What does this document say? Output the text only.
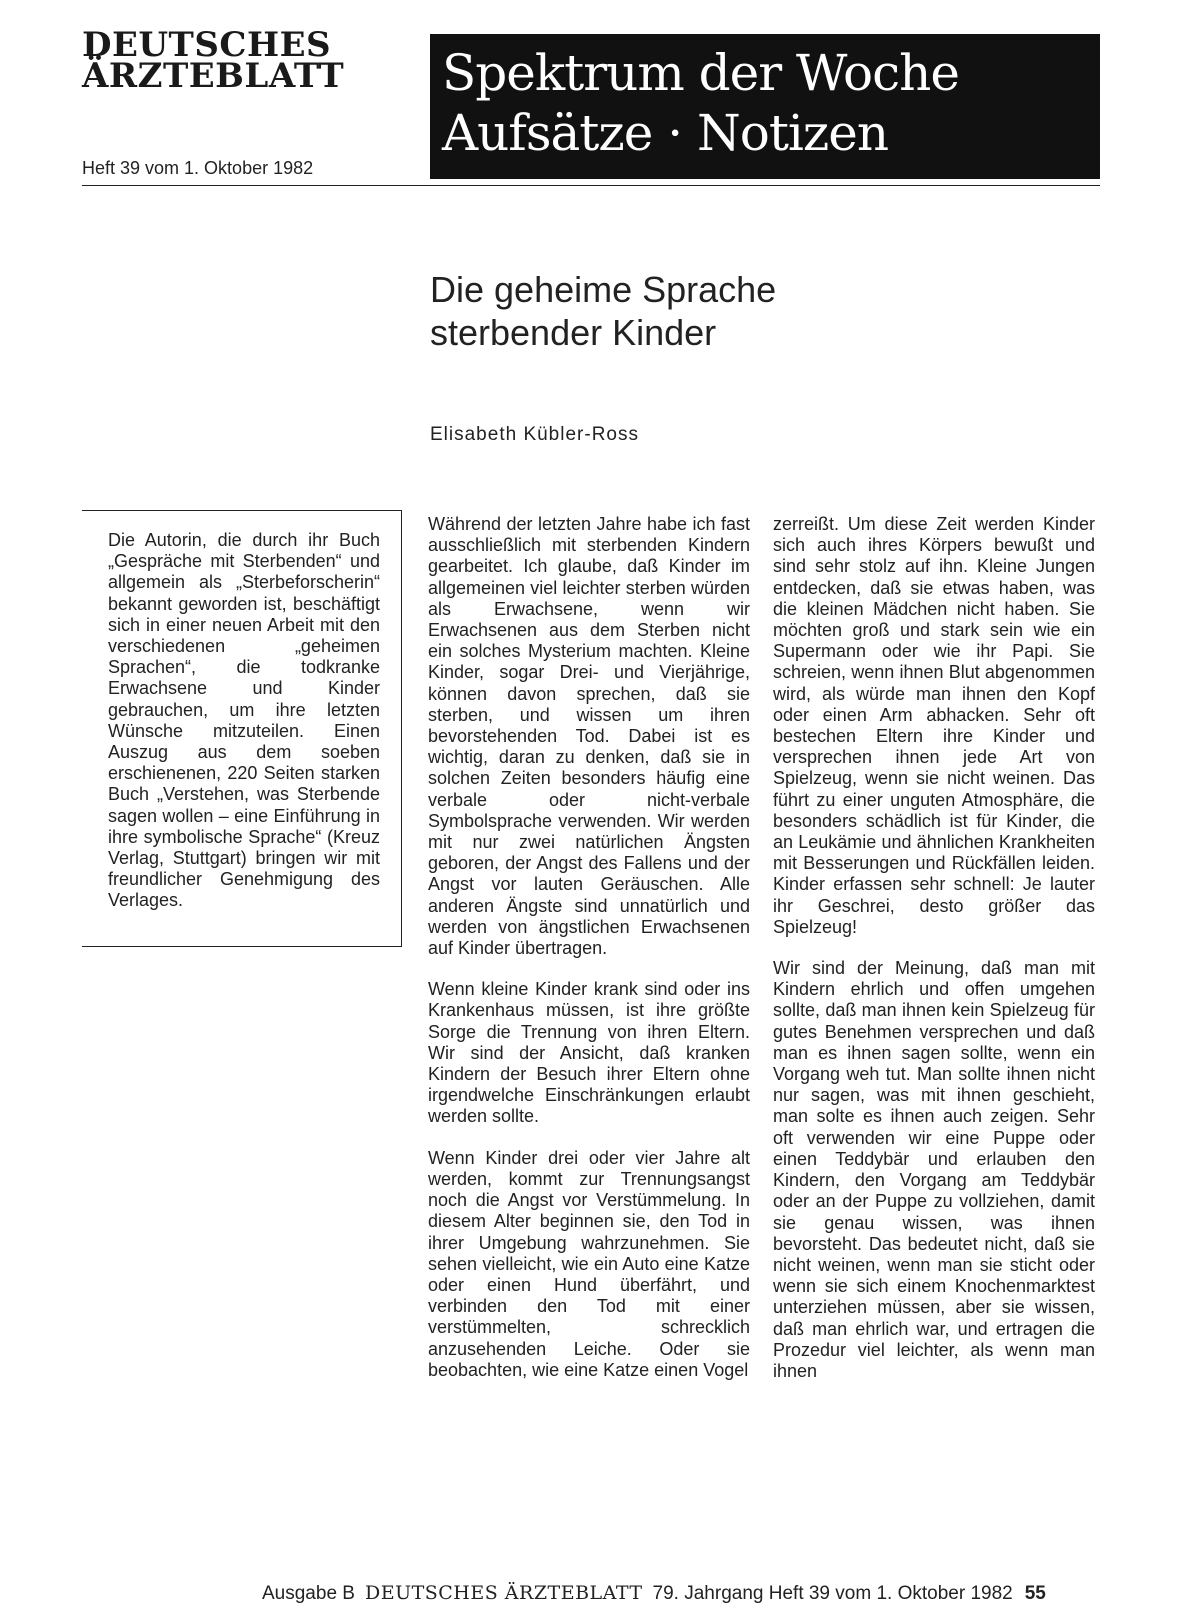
DEUTSCHES
ÄRZTEBLATT
Heft 39 vom 1. Oktober 1982
Spektrum der Woche
Aufsätze · Notizen
Die geheime Sprache
sterbender Kinder
Elisabeth Kübler-Ross
Die Autorin, die durch ihr Buch „Gespräche mit Sterbenden“ und allgemein als „Sterbeforscherin“ bekannt geworden ist, beschäftigt sich in einer neuen Arbeit mit den verschiedenen „geheimen Sprachen“, die todkranke Erwachsene und Kinder gebrauchen, um ihre letzten Wünsche mitzuteilen. Einen Auszug aus dem soeben erschienenen, 220 Seiten starken Buch „Verstehen, was Sterbende sagen wollen – eine Einführung in ihre symbolische Sprache“ (Kreuz Verlag, Stuttgart) bringen wir mit freundlicher Genehmigung des Verlages.

Während der letzten Jahre habe ich fast ausschließlich mit sterbenden Kindern gearbeitet. Ich glaube, daß Kinder im allgemeinen viel leichter sterben würden als Erwachsene, wenn wir Erwachsenen aus dem Sterben nicht ein solches Mysterium machten. Kleine Kinder, sogar Drei- und Vierjährige, können davon sprechen, daß sie sterben, und wissen um ihren bevorstehenden Tod. Dabei ist es wichtig, daran zu denken, daß sie in solchen Zeiten besonders häufig eine verbale oder nicht-verbale Symbolsprache verwenden. Wir werden mit nur zwei natürlichen Ängsten geboren, der Angst des Fallens und der Angst vor lauten Geräuschen. Alle anderen Ängste sind unnatürlich und werden von ängstlichen Erwachsenen auf Kinder übertragen.

Wenn kleine Kinder krank sind oder ins Krankenhaus müssen, ist ihre größte Sorge die Trennung von ihren Eltern. Wir sind der Ansicht, daß kranken Kindern der Besuch ihrer Eltern ohne irgendwelche Einschränkungen erlaubt werden sollte.

Wenn Kinder drei oder vier Jahre alt werden, kommt zur Trennungsangst noch die Angst vor Verstümmelung. In diesem Alter beginnen sie, den Tod in ihrer Umgebung wahrzunehmen. Sie sehen vielleicht, wie ein Auto eine Katze oder einen Hund überfährt, und verbinden den Tod mit einer verstümmelten, schrecklich anzusehenden Leiche. Oder sie beobachten, wie eine Katze einen Vogel

zerreißt. Um diese Zeit werden Kinder sich auch ihres Körpers bewußt und sind sehr stolz auf ihn. Kleine Jungen entdecken, daß sie etwas haben, was die kleinen Mädchen nicht haben. Sie möchten groß und stark sein wie ein Supermann oder wie ihr Papi. Sie schreien, wenn ihnen Blut abgenommen wird, als würde man ihnen den Kopf oder einen Arm abhacken. Sehr oft bestechen Eltern ihre Kinder und versprechen ihnen jede Art von Spielzeug, wenn sie nicht weinen. Das führt zu einer unguten Atmosphäre, die besonders schädlich ist für Kinder, die an Leukämie und ähnlichen Krankheiten mit Besserungen und Rückfällen leiden. Kinder erfassen sehr schnell: Je lauter ihr Geschrei, desto größer das Spielzeug!

Wir sind der Meinung, daß man mit Kindern ehrlich und offen umgehen sollte, daß man ihnen kein Spielzeug für gutes Benehmen versprechen und daß man es ihnen sagen sollte, wenn ein Vorgang weh tut. Man sollte ihnen nicht nur sagen, was mit ihnen geschieht, man solte es ihnen auch zeigen. Sehr oft verwenden wir eine Puppe oder einen Teddybär und erlauben den Kindern, den Vorgang am Teddybär oder an der Puppe zu vollziehen, damit sie genau wissen, was ihnen bevorsteht. Das bedeutet nicht, daß sie nicht weinen, wenn man sie sticht oder wenn sie sich einem Knochenmarktest unterziehen müssen, aber sie wissen, daß man ehrlich war, und ertragen die Prozedur viel leichter, als wenn man ihnen

Ausgabe B DEUTSCHES ÄRZTEBLATT 79. Jahrgang Heft 39 vom 1. Oktober 1982 55
